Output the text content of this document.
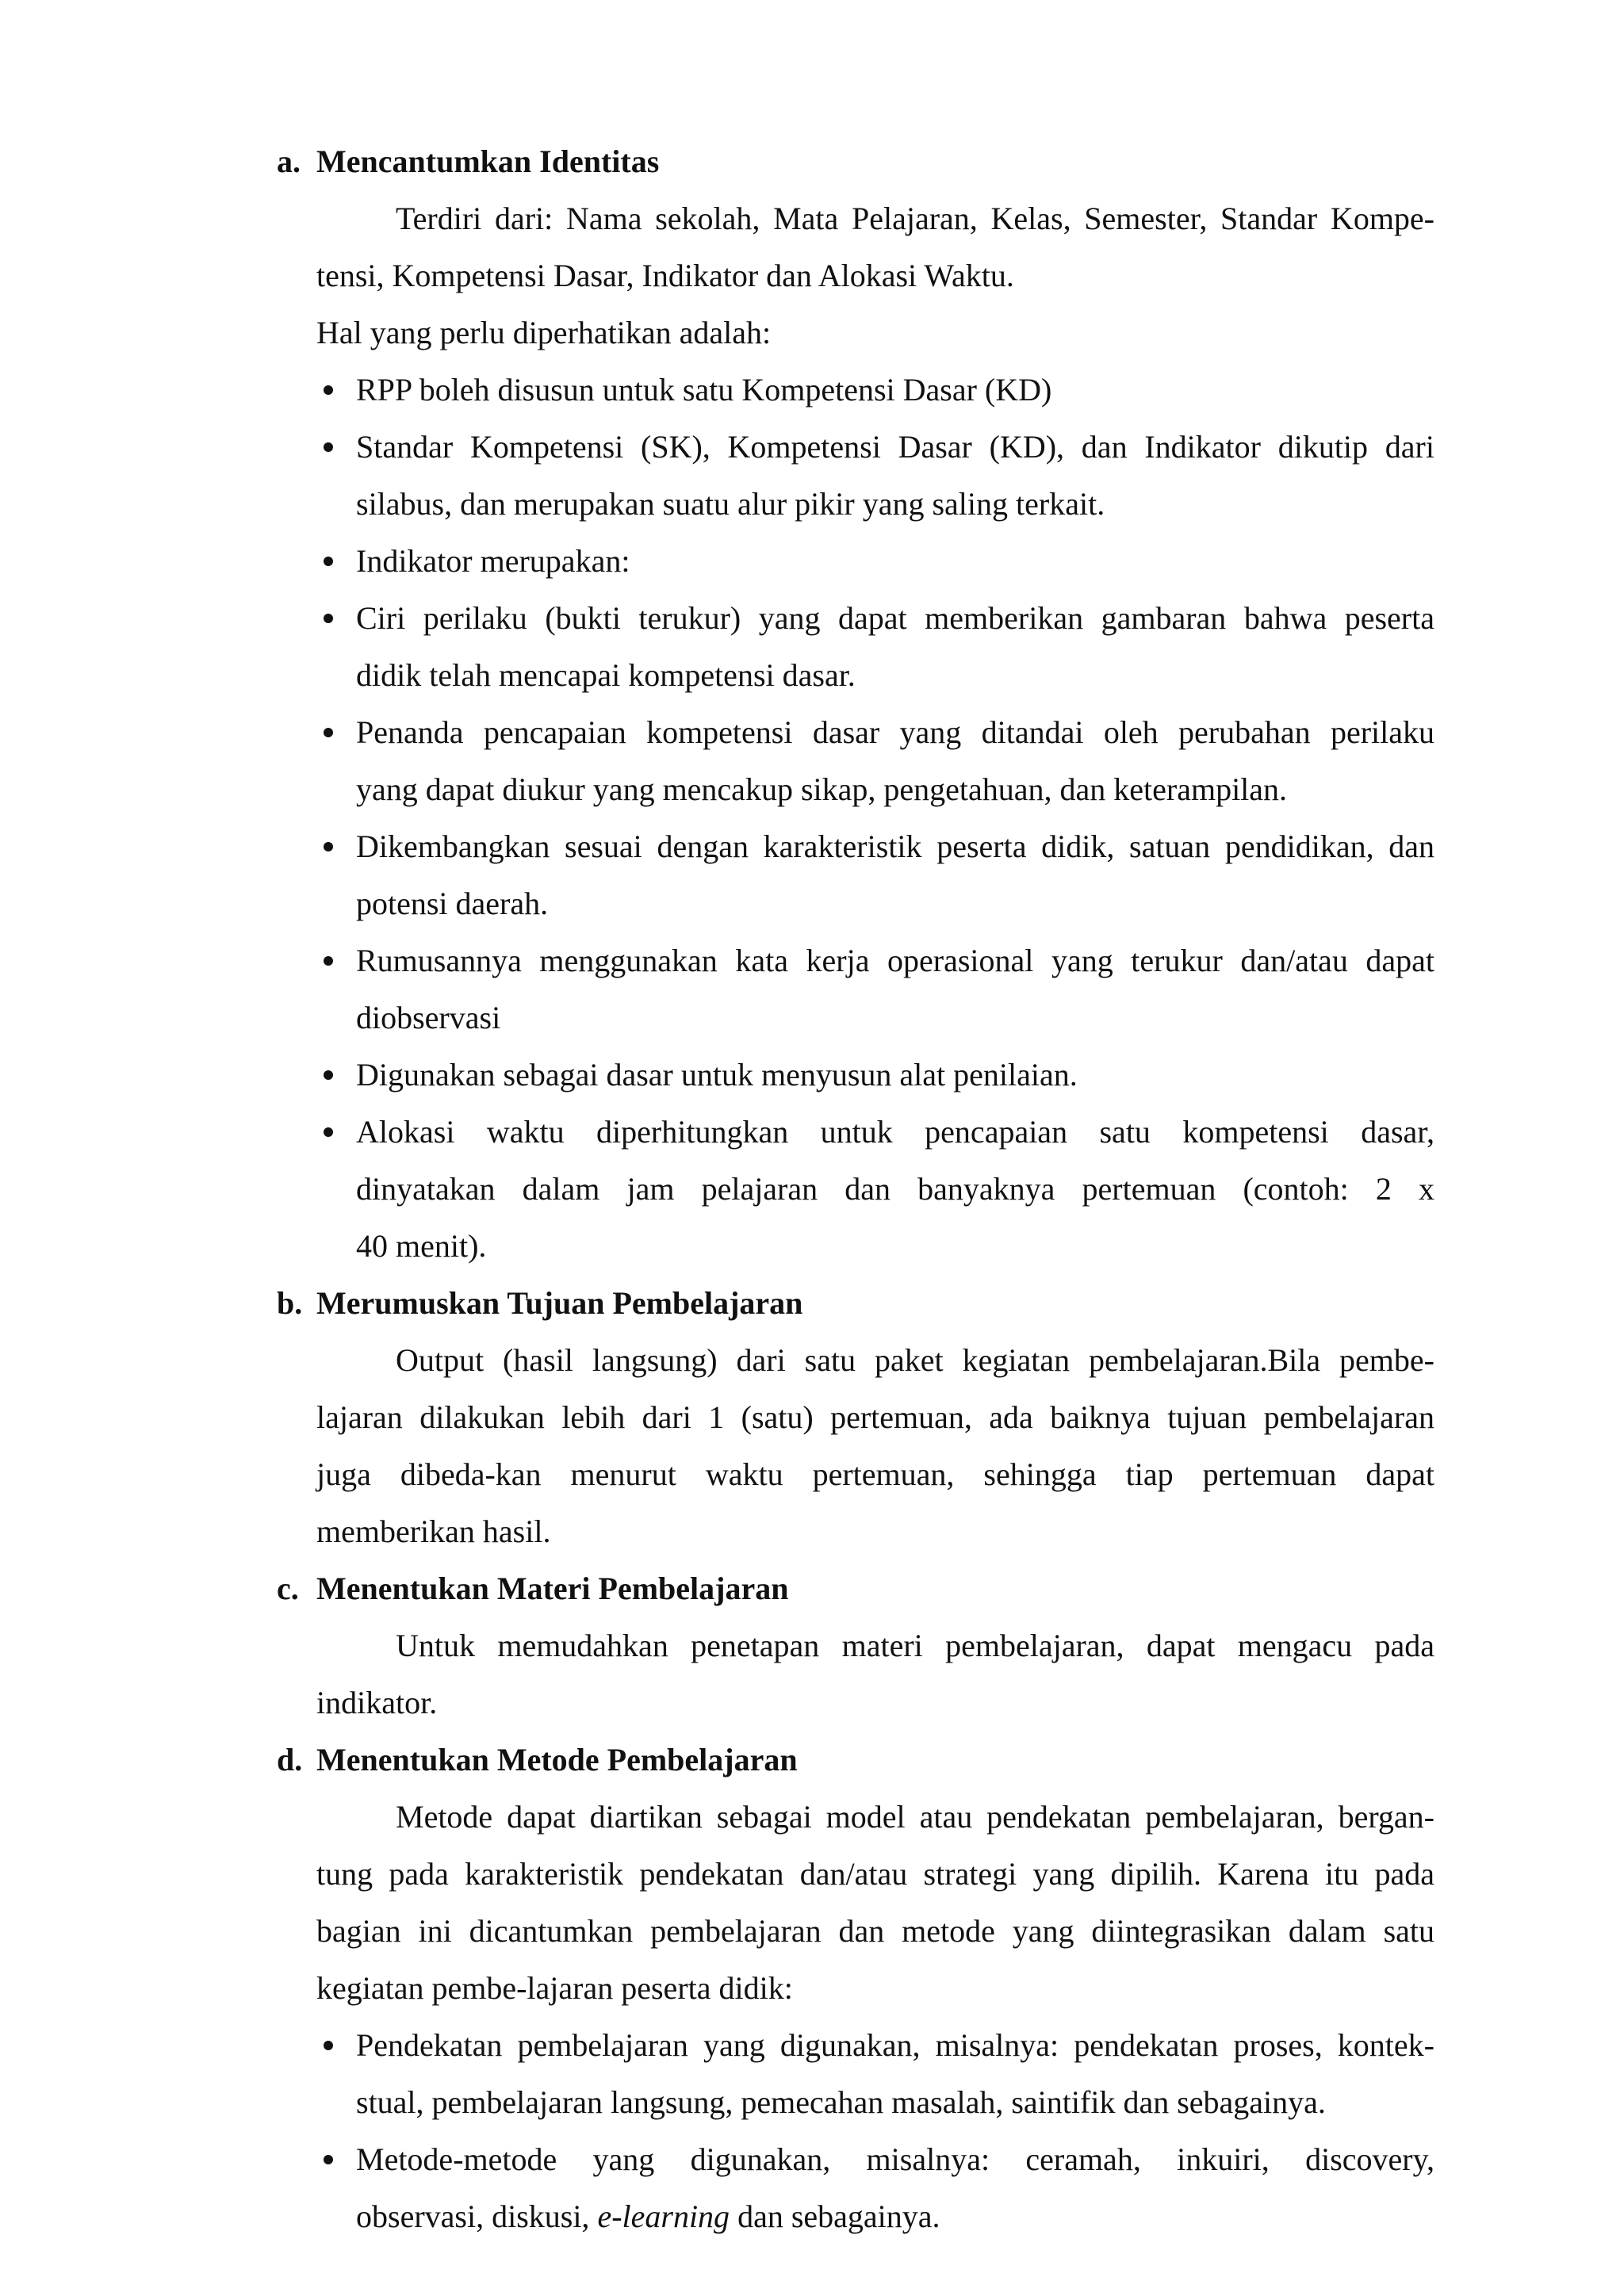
a. Mencantumkan Identitas
Terdiri dari: Nama sekolah, Mata Pelajaran, Kelas, Semester, Standar Kompe-
tensi, Kompetensi Dasar, Indikator dan Alokasi Waktu.
Hal yang perlu diperhatikan adalah:
RPP boleh disusun untuk satu Kompetensi Dasar (KD)
Standar Kompetensi (SK), Kompetensi Dasar (KD), dan Indikator dikutip dari
silabus, dan merupakan suatu alur pikir yang saling terkait.
Indikator merupakan:
Ciri perilaku (bukti terukur) yang dapat memberikan gambaran bahwa peserta
didik telah mencapai kompetensi dasar.
Penanda pencapaian kompetensi dasar yang ditandai oleh perubahan perilaku
yang dapat diukur yang mencakup sikap, pengetahuan, dan keterampilan.
Dikembangkan sesuai dengan karakteristik peserta didik, satuan pendidikan, dan
potensi daerah.
Rumusannya menggunakan kata kerja operasional yang terukur dan/atau dapat
diobservasi
Digunakan sebagai dasar untuk menyusun alat penilaian.
Alokasi waktu diperhitungkan untuk pencapaian satu kompetensi dasar,
dinyatakan dalam jam pelajaran dan banyaknya pertemuan (contoh: 2 x
40 menit).
b. Merumuskan Tujuan Pembelajaran
Output (hasil langsung) dari satu paket kegiatan pembelajaran.Bila pembe-
lajaran dilakukan lebih dari 1 (satu) pertemuan, ada baiknya tujuan pembelajaran
juga dibeda-kan menurut waktu pertemuan, sehingga tiap pertemuan dapat
memberikan hasil.
c. Menentukan Materi Pembelajaran
Untuk memudahkan penetapan materi pembelajaran, dapat mengacu pada
indikator.
d. Menentukan Metode Pembelajaran
Metode dapat diartikan sebagai model atau pendekatan pembelajaran, bergan-
tung pada karakteristik pendekatan dan/atau strategi yang dipilih. Karena itu pada
bagian ini dicantumkan pembelajaran dan metode yang diintegrasikan dalam satu
kegiatan pembe-lajaran peserta didik:
Pendekatan pembelajaran yang digunakan, misalnya: pendekatan proses, kontek-
stual, pembelajaran langsung, pemecahan masalah, saintifik dan sebagainya.
Metode-metode yang digunakan, misalnya: ceramah, inkuiri, discovery,
observasi, diskusi, e-learning dan sebagainya.
